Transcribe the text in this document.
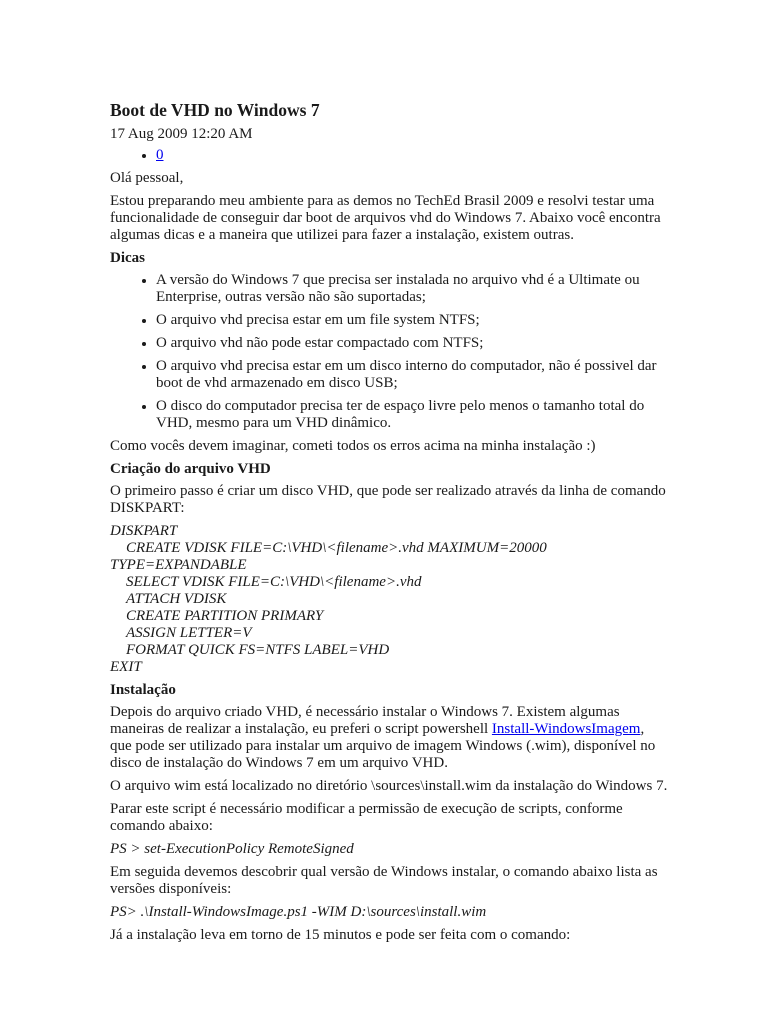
Boot de VHD no Windows 7
17 Aug 2009 12:20 AM
• 0

Olá pessoal,

Estou preparando meu ambiente para as demos no TechEd Brasil 2009 e resolvi testar uma funcionalidade de conseguir dar boot de arquivos vhd do Windows 7. Abaixo você encontra algumas dicas e a maneira que utilizei para fazer a instalação, existem outras.

Dicas
• A versão do Windows 7 que precisa ser instalada no arquivo vhd é a Ultimate ou Enterprise, outras versão não são suportadas;
• O arquivo vhd precisa estar em um file system NTFS;
• O arquivo vhd não pode estar compactado com NTFS;
• O arquivo vhd precisa estar em um disco interno do computador, não é possivel dar boot de vhd armazenado em disco USB;
• O disco do computador precisa ter de espaço livre pelo menos o tamanho total do VHD, mesmo para um VHD dinâmico.

Como vocês devem imaginar, cometi todos os erros acima na minha instalação :)

Criação do arquivo VHD

O primeiro passo é criar um disco VHD, que pode ser realizado através da linha de comando DISKPART:

DISKPART
CREATE VDISK FILE=C:\VHD\<filename>.vhd MAXIMUM=20000
TYPE=EXPANDABLE
SELECT VDISK FILE=C:\VHD\<filename>.vhd
ATTACH VDISK
CREATE PARTITION PRIMARY
ASSIGN LETTER=V
FORMAT QUICK FS=NTFS LABEL=VHD
EXIT
Instalação

Depois do arquivo criado VHD, é necessário instalar o Windows 7. Existem algumas maneiras de realizar a instalação, eu preferi o script powershell Install-WindowsImagem, que pode ser utilizado para instalar um arquivo de imagem Windows (.wim), disponível no disco de instalação do Windows 7 em um arquivo VHD.

O arquivo wim está localizado no diretório \sources\install.wim da instalação do Windows 7.

Parar este script é necessário modificar a permissão de execução de scripts, conforme comando abaixo:

PS > set-ExecutionPolicy RemoteSigned

Em seguida devemos descobrir qual versão de Windows instalar, o comando abaixo lista as versões disponíveis:

PS> .\Install-WindowsImage.ps1 -WIM D:\sources\install.wim

Já a instalação leva em torno de 15 minutos e pode ser feita com o comando:
